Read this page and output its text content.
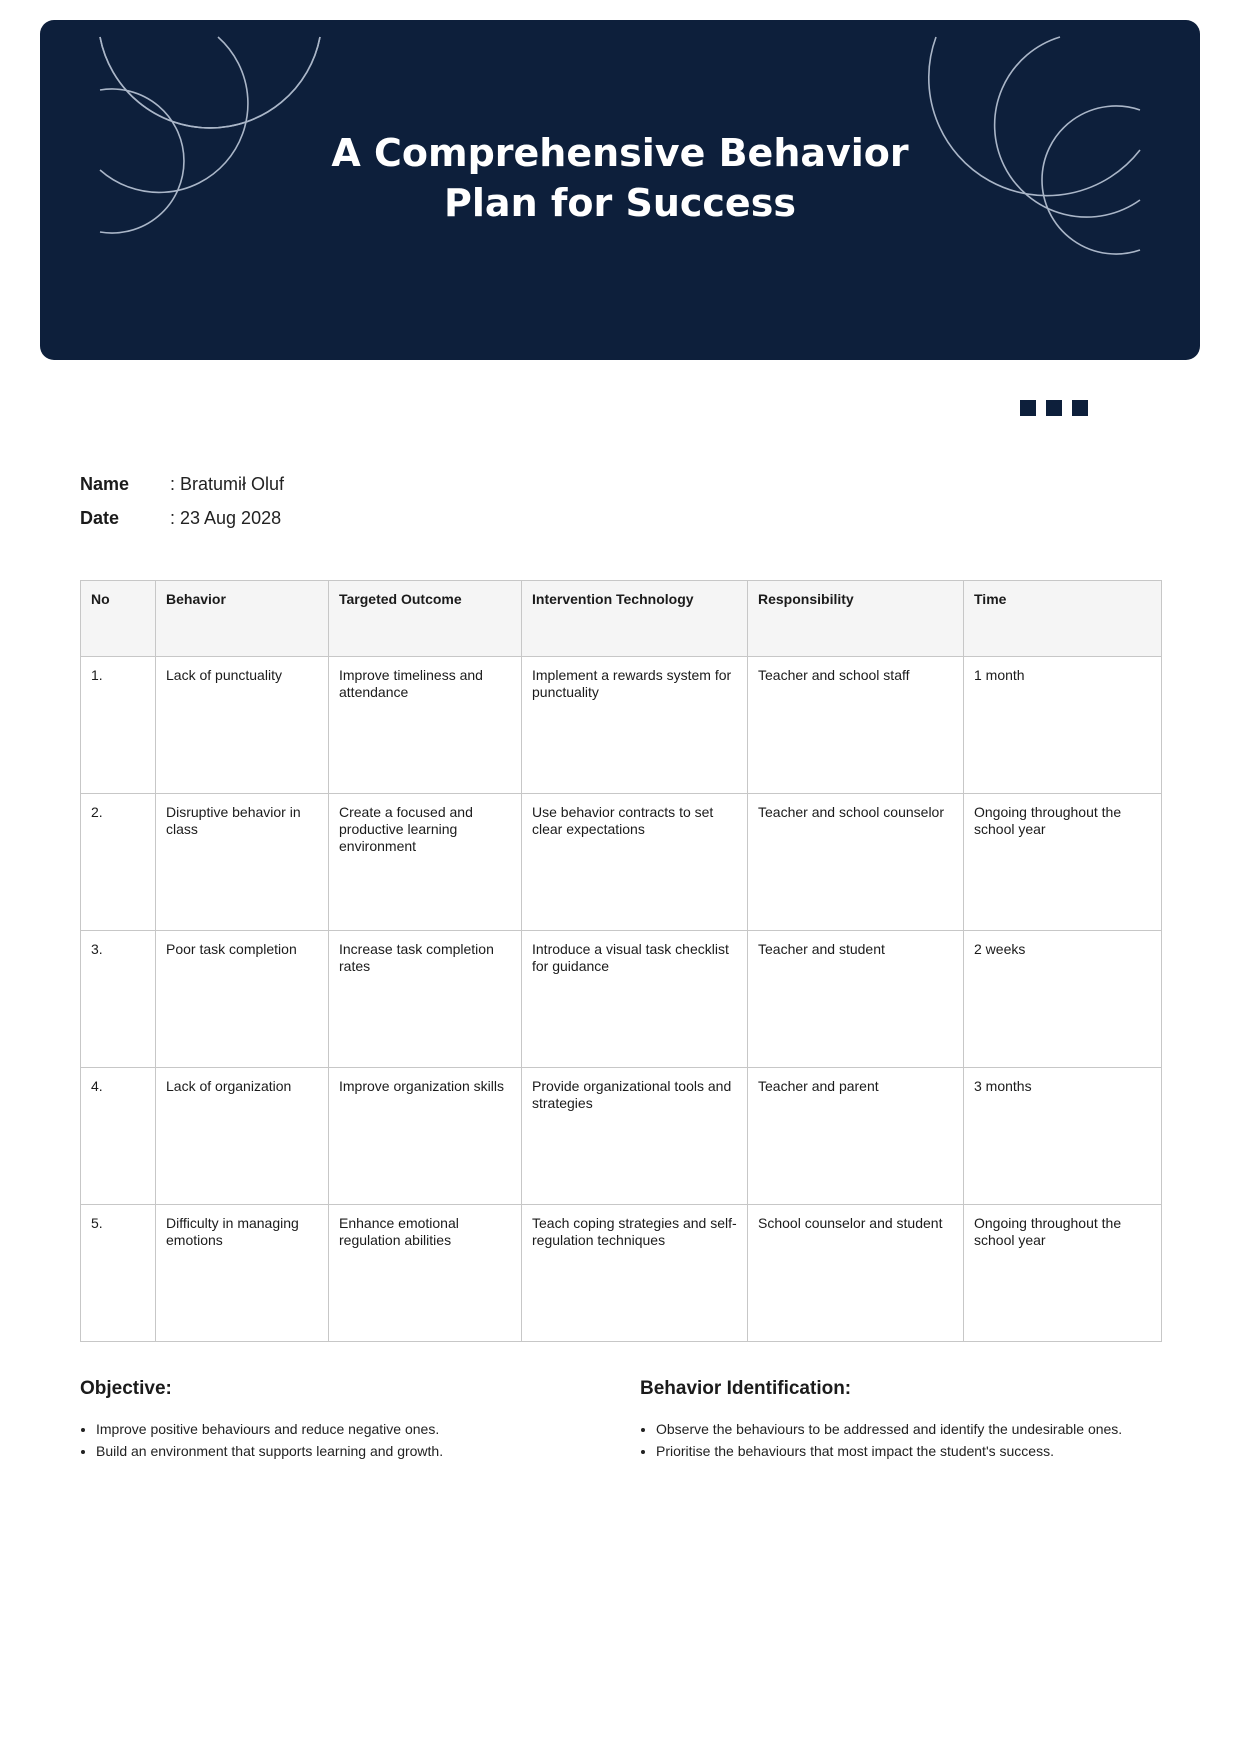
A Comprehensive Behavior
Plan for Success
Name	: Bratumił Oluf
Date	: 23 Aug 2028
No	Behavior	Targeted Outcome	Intervention Technology	Responsibility	Time
1.	Lack of punctuality	Improve timeliness and attendance	Implement a rewards system for punctuality	Teacher and school staff	1 month
2.	Disruptive behavior in class	Create a focused and productive learning environment	Use behavior contracts to set clear expectations	Teacher and school counselor	Ongoing throughout the school year
3.	Poor task completion	Increase task completion rates	Introduce a visual task checklist for guidance	Teacher and student	2 weeks
4.	Lack of organization	Improve organization skills	Provide organizational tools and strategies	Teacher and parent	3 months
5.	Difficulty in managing emotions	Enhance emotional regulation abilities	Teach coping strategies and self-regulation techniques	School counselor and student	Ongoing throughout the school year
Objective:
• Improve positive behaviours and reduce negative ones.
• Build an environment that supports learning and growth.
Behavior Identification:
• Observe the behaviours to be addressed and identify the undesirable ones.
• Prioritise the behaviours that most impact the student's success.
